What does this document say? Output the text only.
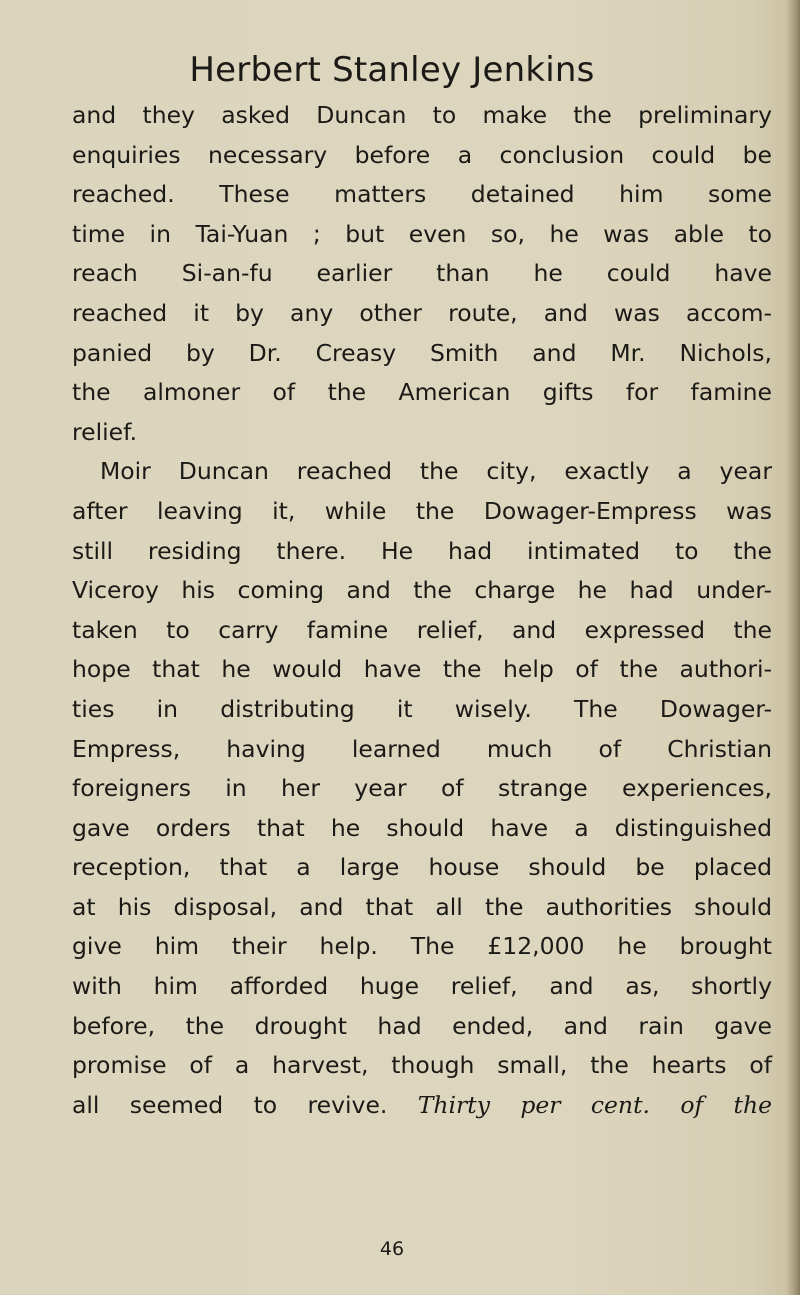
Herbert Stanley Jenkins
and they asked Duncan to make the preliminary
enquiries necessary before a conclusion could be
reached. These matters detained him some
time in Tai-Yuan ; but even so, he was able to
reach Si-an-fu earlier than he could have
reached it by any other route, and was accom-
panied by Dr. Creasy Smith and Mr. Nichols,
the almoner of the American gifts for famine
relief.
Moir Duncan reached the city, exactly a year
after leaving it, while the Dowager-Empress was
still residing there. He had intimated to the
Viceroy his coming and the charge he had under-
taken to carry famine relief, and expressed the
hope that he would have the help of the authori-
ties in distributing it wisely. The Dowager-
Empress, having learned much of Christian
foreigners in her year of strange experiences,
gave orders that he should have a distinguished
reception, that a large house should be placed
at his disposal, and that all the authorities should
give him their help. The £12,000 he brought
with him afforded huge relief, and as, shortly
before, the drought had ended, and rain gave
promise of a harvest, though small, the hearts of
all seemed to revive. Thirty per cent. of the
46
